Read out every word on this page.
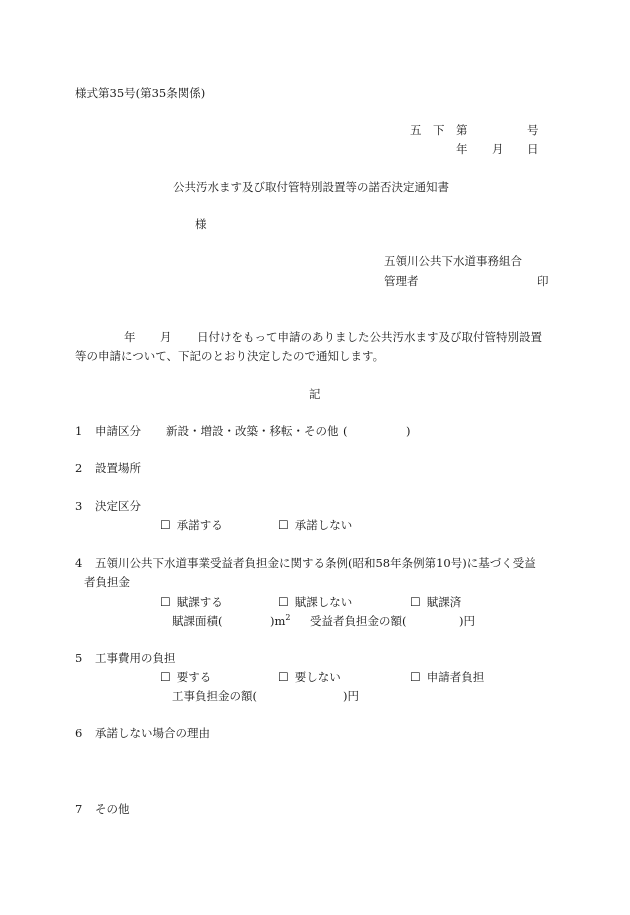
様式第35号(第35条関係)
五　下　第	号
年 月 日
公共汚水ます及び取付管特別設置等の諾否決定通知書
様
五領川公共下水道事務組合
管理者	印
年 月 日付けをもって申請のありました公共汚水ます及び取付管特別設置
等の申請について、下記のとおり決定したので通知します。
記
1 申請区分 新設・増設・改築・移転・その他 (	)
2 設置場所
3 決定区分
☐ 承諾する	☐ 承諾しない
4 五領川公共下水道事業受益者負担金に関する条例(昭和58年条例第10号)に基づく受益
者負担金
☐ 賦課する	☐ 賦課しない	☐ 賦課済
賦課面積(	)$m^2$ 受益者負担金の額(	)円
5 工事費用の負担
☐ 要する	☐ 要しない	☐ 申請者負担
工事負担金の額(	)円
6 承諾しない場合の理由
7 その他
